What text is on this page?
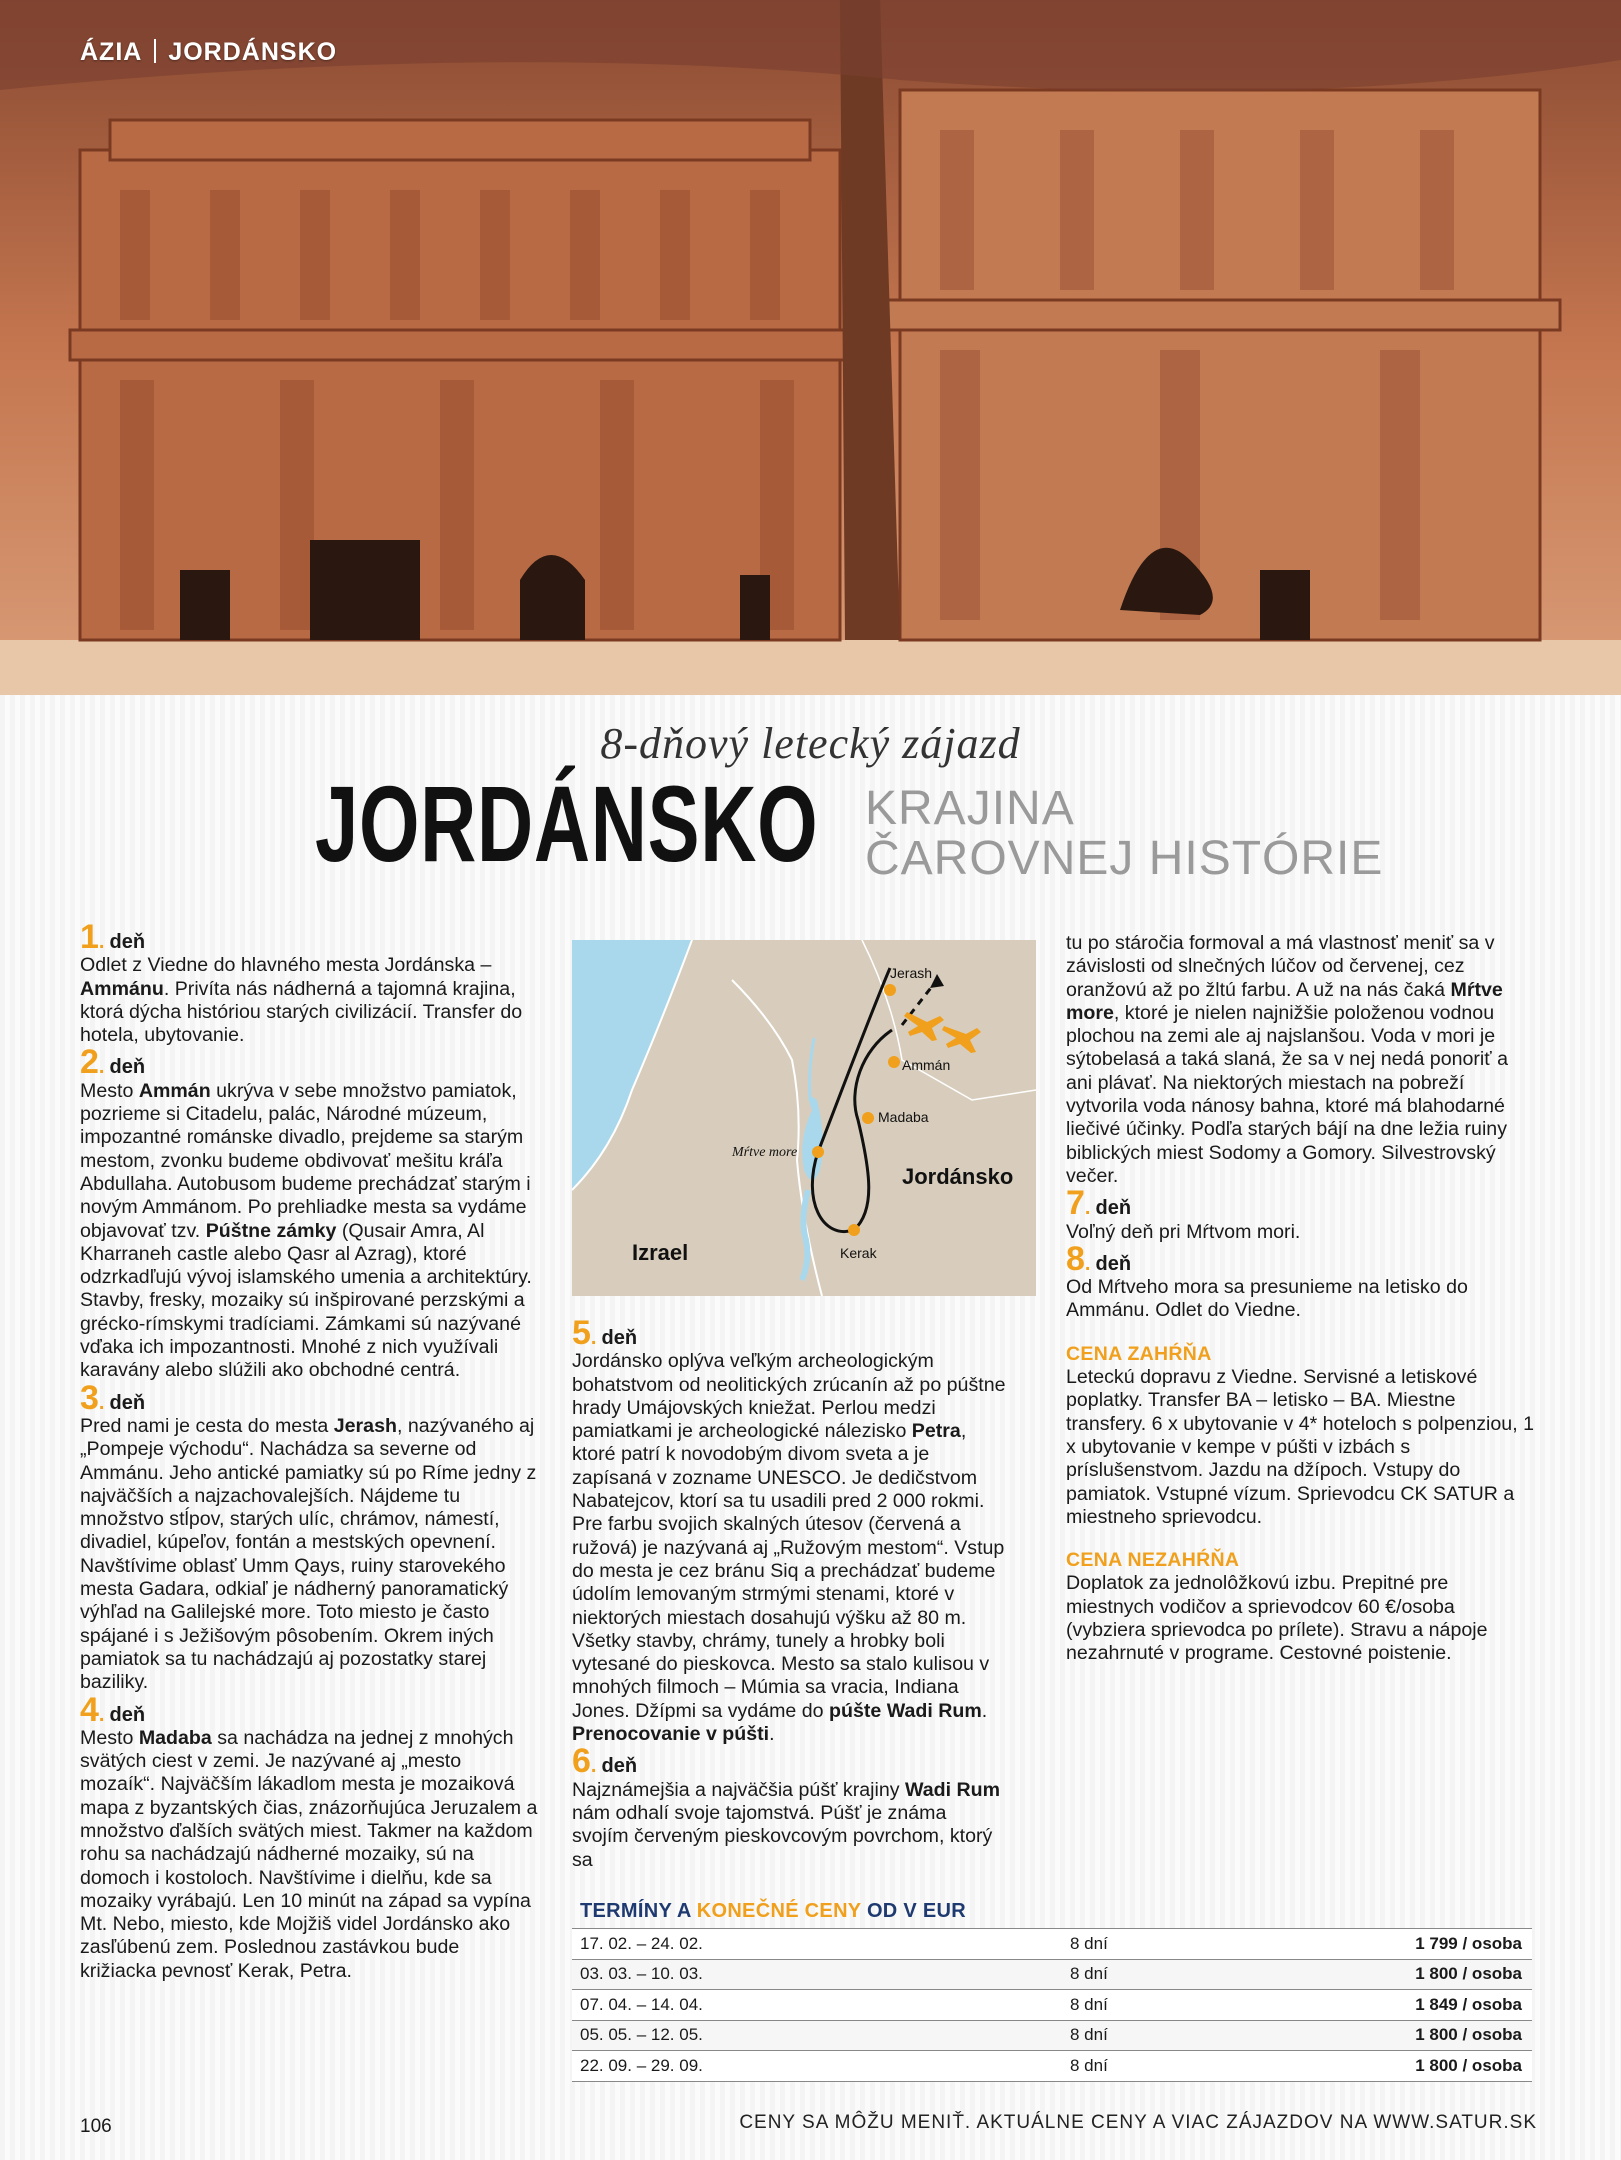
ÁZIA JORDÁNSKO
8-dňový letecký zájazd
JORDÁNSKO KRAJINA
ČAROVNEJ HISTÓRIE
1 . deň

Odlet z Viedne do hlavného mesta Jordánska – Ammánu. Privíta nás nádherná a tajomná krajina, ktorá dýcha históriou starých civilizácií. Transfer do hotela, ubytovanie.

2 . deň

Mesto Ammán ukrýva v sebe množstvo pamiatok, pozrieme si Citadelu, palác, Národné múzeum, impozantné románske divadlo, prejdeme sa starým mestom, zvonku budeme obdivovať mešitu kráľa Abdullaha. Autobusom budeme prechádzať starým i novým Ammánom. Po prehliadke mesta sa vydáme objavovať tzv. Púštne zámky (Qusair Amra, Al Kharraneh castle alebo Qasr al Azrag), ktoré odzrkadľujú vývoj islamského umenia a architektúry. Stavby, fresky, mozaiky sú inšpirované perzskými a grécko-rímskymi tradíciami. Zámkami sú nazývané vďaka ich impozantnosti. Mnohé z nich využívali karavány alebo slúžili ako obchodné centrá.

3 . deň

Pred nami je cesta do mesta Jerash, nazývaného aj „Pompeje východu“. Nachádza sa severne od Ammánu. Jeho antické pamiatky sú po Ríme jedny z najväčších a najzachovalejších. Nájdeme tu množstvo stĺpov, starých ulíc, chrámov, námestí, divadiel, kúpeľov, fontán a mestských opevnení. Navštívime oblasť Umm Qays, ruiny starovekého mesta Gadara, odkiaľ je nádherný panoramatický výhľad na Galilejské more. Toto miesto je často spájané i s Ježišovým pôsobením. Okrem iných pamiatok sa tu nachádzajú aj pozostatky starej baziliky.

4 . deň

Mesto Madaba sa nachádza na jednej z mnohých svätých ciest v zemi. Je nazývané aj „mesto mozaík“. Najväčším lákadlom mesta je mozaiková mapa z byzantských čias, znázorňujúca Jeruzalem a množstvo ďalších svätých miest. Takmer na každom rohu sa nachádzajú nádherné mozaiky, sú na domoch i kostoloch. Navštívime i dielňu, kde sa mozaiky vyrábajú. Len 10 minút na západ sa vypína Mt. Nebo, miesto, kde Mojžiš videl Jordánsko ako zasľúbenú zem. Poslednou zastávkou bude križiacka pevnosť Kerak, Petra.

Jerash
Ammán
Madaba
Mŕtve more
Kerak
Jordánsko
Izrael
5 . deň

Jordánsko oplýva veľkým archeologickým bohatstvom od neolitických zrúcanín až po púštne hrady Umájovských kniežat. Perlou medzi pamiatkami je archeologické nálezisko Petra, ktoré patrí k novodobým divom sveta a je zapísaná v zozname UNESCO. Je dedičstvom Nabatejcov, ktorí sa tu usadili pred 2 000 rokmi. Pre farbu svojich skalných útesov (červená a ružová) je nazývaná aj „Ružovým mestom“. Vstup do mesta je cez bránu Siq a prechádzať budeme údolím lemovaným strmými stenami, ktoré v niektorých miestach dosahujú výšku až 80 m. Všetky stavby, chrámy, tunely a hrobky boli vytesané do pieskovca. Mesto sa stalo kulisou v mnohých filmoch – Múmia sa vracia, Indiana Jones. Džípmi sa vydáme do púšte Wadi Rum. Prenocovanie v púšti.

6 . deň

Najznámejšia a najväčšia púšť krajiny Wadi Rum nám odhalí svoje tajomstvá. Púšť je známa svojím červeným pieskovcovým povrchom, ktorý sa

tu po stáročia formoval a má vlastnosť meniť sa v závislosti od slnečných lúčov od červenej, cez oranžovú až po žltú farbu. A už na nás čaká Mŕtve more, ktoré je nielen najnižšie položenou vodnou plochou na zemi ale aj najslanšou. Voda v mori je sýtobelasá a taká slaná, že sa v nej nedá ponoriť a ani plávať. Na niektorých miestach na pobreží vytvorila voda nánosy bahna, ktoré má blahodarné liečivé účinky. Podľa starých bájí na dne ležia ruiny biblických miest Sodomy a Gomory. Silvestrovský večer.

7 . deň

Voľný deň pri Mŕtvom mori.

8 . deň

Od Mŕtveho mora sa presunieme na letisko do Ammánu. Odlet do Viedne.

CENA ZAHŔŇA

Leteckú dopravu z Viedne. Servisné a letiskové poplatky. Transfer BA – letisko – BA. Miestne transfery. 6 x ubytovanie v 4* hoteloch s polpenziou, 1 x ubytovanie v kempe v púšti v izbách s príslušenstvom. Jazdu na džípoch. Vstupy do pamiatok. Vstupné vízum. Sprievodcu CK SATUR a miestneho sprievodcu.

CENA NEZAHŔŇA

Doplatok za jednolôžkovú izbu. Prepitné pre miestnych vodičov a sprievodcov 60 €/osoba (vybziera sprievodca po prílete). Stravu a nápoje nezahrnuté v programe. Cestovné poistenie.

TERMÍNY A KONEČNÉ CENY OD V EUR
17. 02. – 24. 02.	8 dní	1 799 / osoba
03. 03. – 10. 03.	8 dní	1 800 / osoba
07. 04. – 14. 04.	8 dní	1 849 / osoba
05. 05. – 12. 05.	8 dní	1 800 / osoba
22. 09. – 29. 09.	8 dní	1 800 / osoba
106	CENY SA MÔŽU MENIŤ. AKTUÁLNE CENY A VIAC ZÁJAZDOV NA WWW.SATUR.SK
